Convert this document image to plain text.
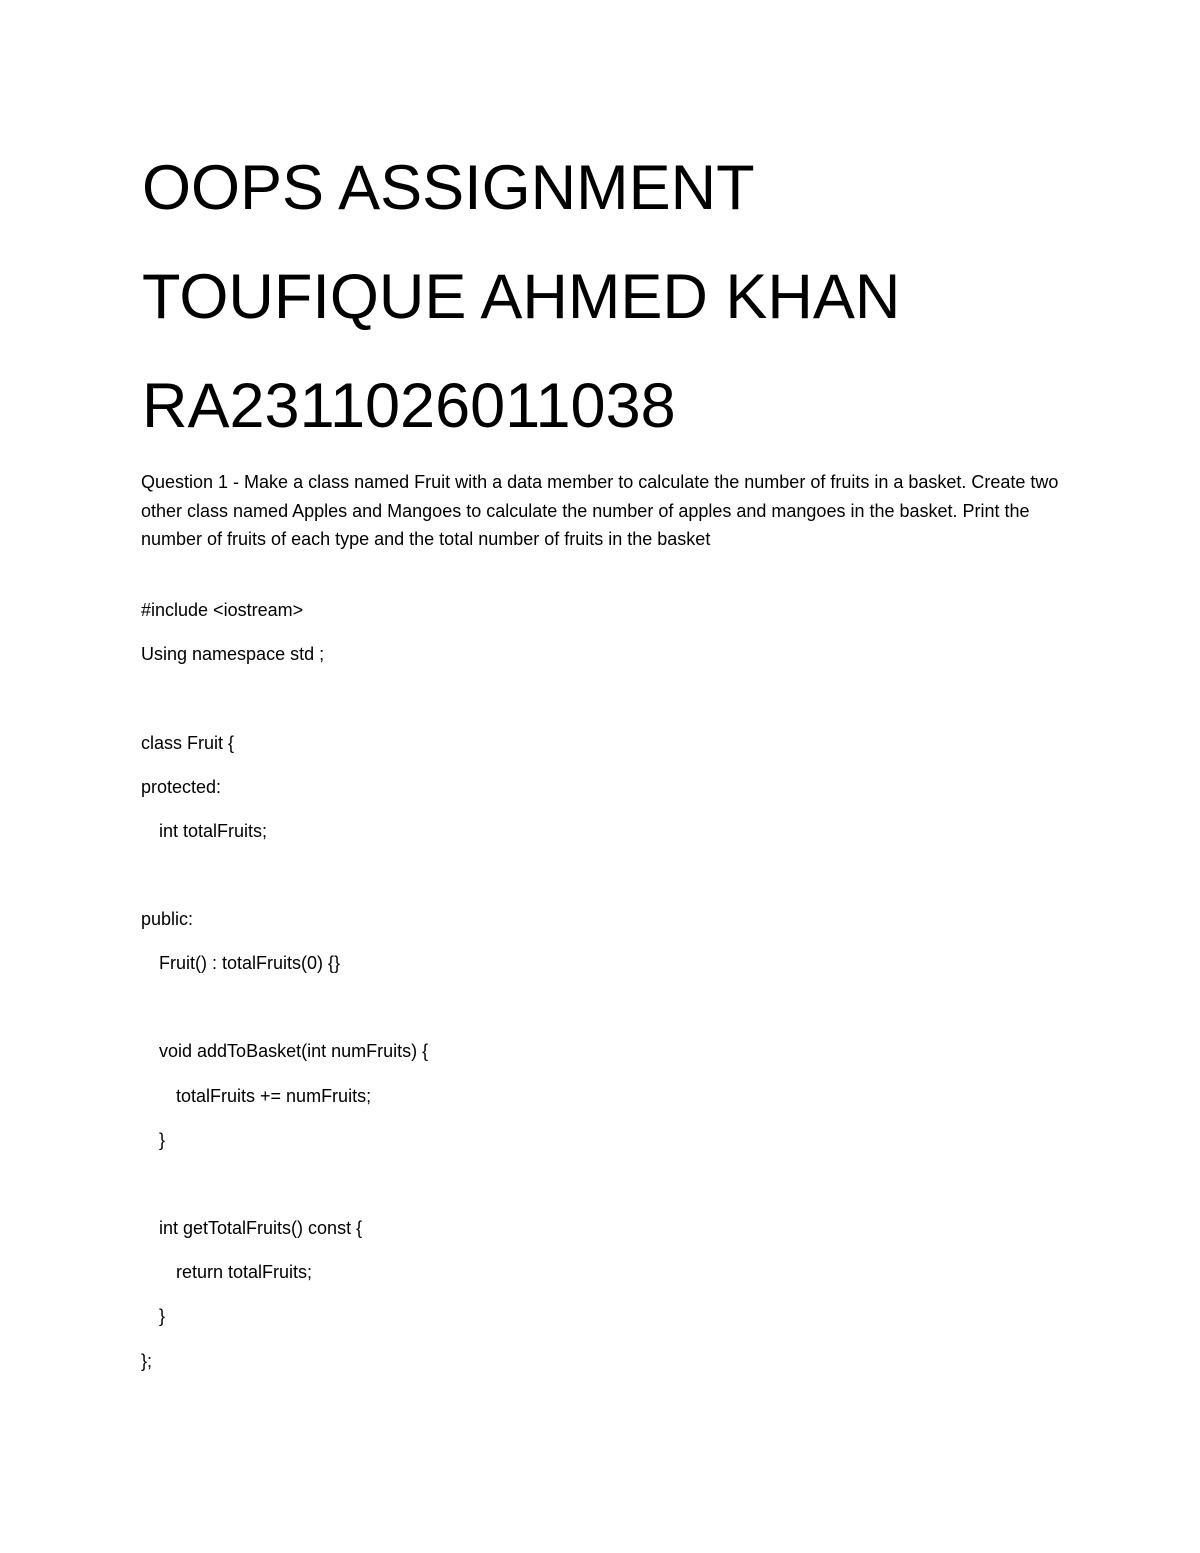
OOPS ASSIGNMENT
TOUFIQUE AHMED KHAN
RA2311026011038

Question 1 - Make a class named Fruit with a data member to calculate the number of fruits in a basket. Create two other class named Apples and Mangoes to calculate the number of apples and mangoes in the basket. Print the number of fruits of each type and the total number of fruits in the basket

#include <iostream>

Using namespace std ;

class Fruit {

protected:

int totalFruits;

public:

Fruit() : totalFruits(0) {}

void addToBasket(int numFruits) {

totalFruits += numFruits;

}

int getTotalFruits() const {

return totalFruits;

}

};
